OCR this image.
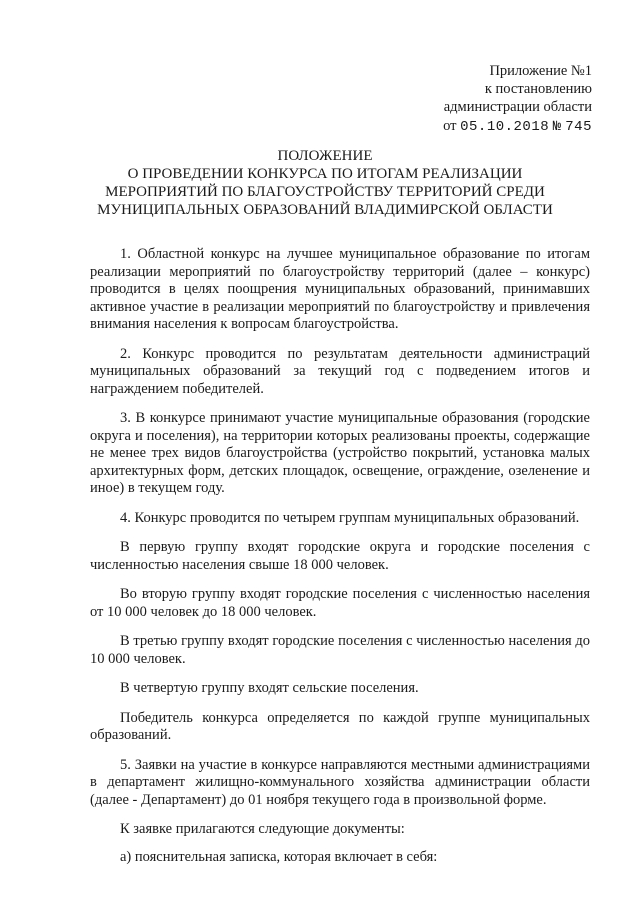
Приложение №1
к постановлению
администрации области
от 05.10.2018 № 745
ПОЛОЖЕНИЕ
О ПРОВЕДЕНИИ КОНКУРСА ПО ИТОГАМ РЕАЛИЗАЦИИ
МЕРОПРИЯТИЙ ПО БЛАГОУСТРОЙСТВУ ТЕРРИТОРИЙ СРЕДИ
МУНИЦИПАЛЬНЫХ ОБРАЗОВАНИЙ ВЛАДИМИРСКОЙ ОБЛАСТИ

1. Областной конкурс на лучшее муниципальное образование по итогам реализации мероприятий по благоустройству территорий (далее – конкурс) проводится в целях поощрения муниципальных образований, принимавших активное участие в реализации мероприятий по благоустройству и привлечения внимания населения к вопросам благоустройства.

2. Конкурс проводится по результатам деятельности администраций муниципальных образований за текущий год с подведением итогов и награждением победителей.

3. В конкурсе принимают участие муниципальные образования (городские округа и поселения), на территории которых реализованы проекты, содержащие не менее трех видов благоустройства (устройство покрытий, установка малых архитектурных форм, детских площадок, освещение, ограждение, озеленение и иное) в текущем году.

4. Конкурс проводится по четырем группам муниципальных образований.

В первую группу входят городские округа и городские поселения с численностью населения свыше 18 000 человек.

Во вторую группу входят городские поселения с численностью населения от 10 000 человек до 18 000 человек.

В третью группу входят городские поселения с численностью населения до 10 000 человек.

В четвертую группу входят сельские поселения.

Победитель конкурса определяется по каждой группе муниципальных образований.

5. Заявки на участие в конкурсе направляются местными администрациями в департамент жилищно-коммунального хозяйства администрации области (далее - Департамент) до 01 ноября текущего года в произвольной форме.

К заявке прилагаются следующие документы:

а) пояснительная записка, которая включает в себя:
